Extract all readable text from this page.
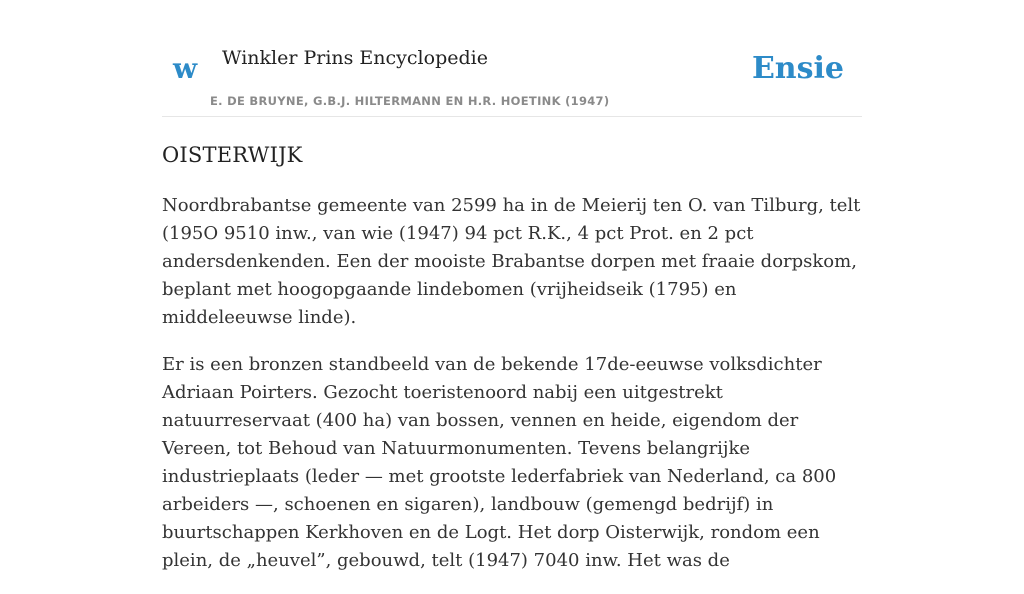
w Winkler Prins Encyclopedie
E. DE BRUYNE, G.B.J. HILTERMANN EN H.R. HOETINK (1947)
Ensie
OISTERWIJK

Noordbrabantse gemeente van 2599 ha in de Meierij ten O. van Tilburg, telt (195O 9510 inw., van wie (1947) 94 pct R.K., 4 pct Prot. en 2 pct andersdenkenden. Een der mooiste Brabantse dorpen met fraaie dorpskom, beplant met hoogopgaande lindebomen (vrijheidseik (1795) en middeleeuwse linde).

Er is een bronzen standbeeld van de bekende 17de-eeuwse volksdichter Adriaan Poirters. Gezocht toeristenoord nabij een uitgestrekt natuurreservaat (400 ha) van bossen, vennen en heide, eigendom der Vereen, tot Behoud van Natuurmonumenten. Tevens belangrijke industrieplaats (leder — met grootste lederfabriek van Nederland, ca 800 arbeiders —, schoenen en sigaren), landbouw (gemengd bedrijf) in buurtschappen Kerkhoven en de Logt. Het dorp Oisterwijk, rondom een plein, de „heuvel”, gebouwd, telt (1947) 7040 inw. Het was de
